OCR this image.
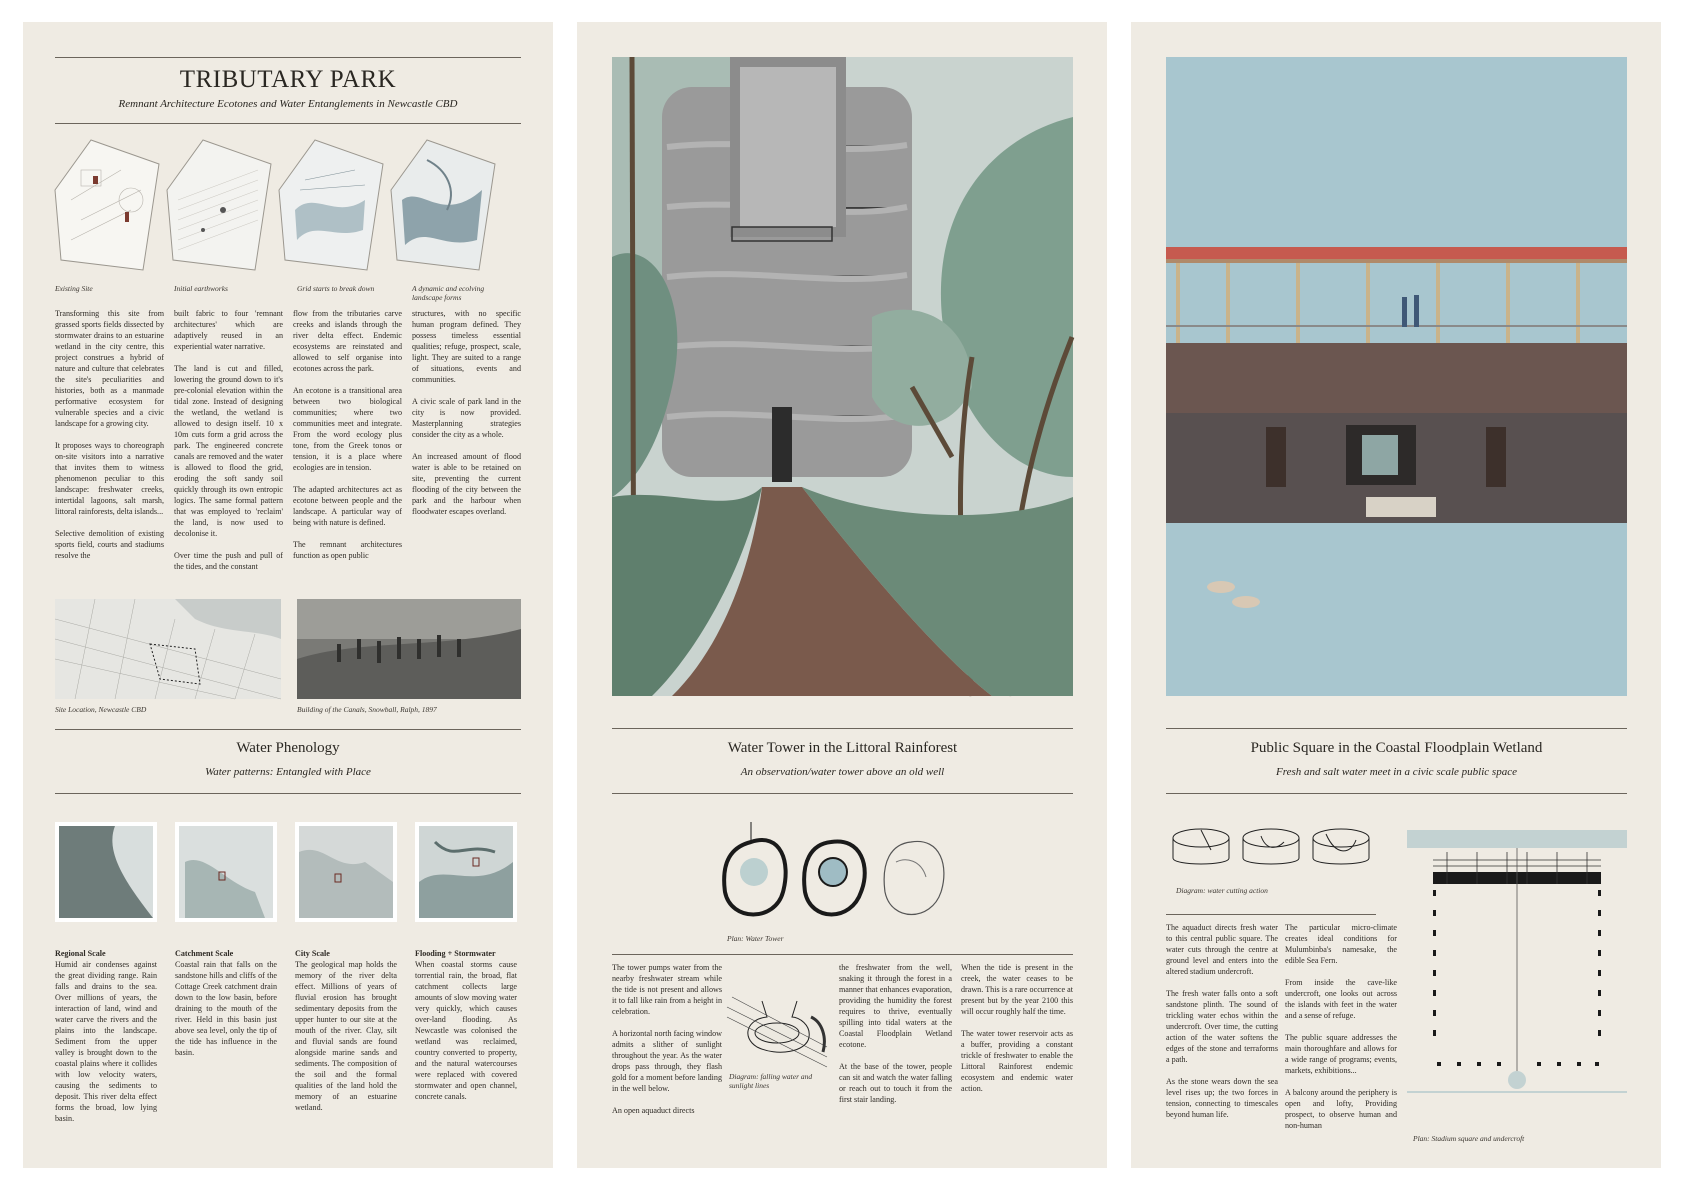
TRIBUTARY PARK
Remnant Architecture Ecotones and Water Entanglements in Newcastle CBD
Existing Site	Initial earthworks	Grid starts to break down	A dynamic and ecolving landscape forms
Transforming this site from grassed sports fields dissected by stormwater drains to an estuarine wetland in the city centre, this project construes a hybrid of nature and culture that celebrates the site's peculiarities and histories, both as a manmade performative ecosystem for vulnerable species and a civic landscape for a growing city.

It proposes ways to choreograph on-site visitors into a narrative that invites them to witness phenomenon peculiar to this landscape: freshwater creeks, intertidal lagoons, salt marsh, littoral rainforests, delta islands...

Selective demolition of existing sports field, courts and stadiums resolve the
built fabric to four 'remnant architectures' which are adaptively reused in an experiential water narrative.

The land is cut and filled, lowering the ground down to it's pre-colonial elevation within the tidal zone. Instead of designing the wetland, the wetland is allowed to design itself. 10 x 10m cuts form a grid across the park. The engineered concrete canals are removed and the water is allowed to flood the grid, eroding the soft sandy soil quickly through its own entropic logics. The same formal pattern that was employed to 'reclaim' the land, is now used to decolonise it.

Over time the push and pull of the tides, and the constant
flow from the tributaries carve creeks and islands through the river delta effect. Endemic ecosystems are reinstated and allowed to self organise into ecotones across the park.

An ecotone is a transitional area between two biological communities; where two communities meet and integrate. From the word ecology plus tone, from the Greek tonos or tension, it is a place where ecologies are in tension.

The adapted architectures act as ecotone between people and the landscape. A particular way of being with nature is defined.

The remnant architectures function as open public
structures, with no specific human program defined. They possess timeless essential qualities; refuge, prospect, scale, light. They are suited to a range of situations, events and communities.

A civic scale of park land in the city is now provided. Masterplanning strategies consider the city as a whole.

An increased amount of flood water is able to be retained on site, preventing the current flooding of the city between the park and the harbour when floodwater escapes overland.
Site Location, Newcastle CBD	Building of the Canals, Snowball, Ralph, 1897
Water Phenology
Water patterns: Entangled with Place
Regional Scale
Humid air condenses against the great dividing range. Rain falls and drains to the sea. Over millions of years, the interaction of land, wind and water carve the rivers and the plains into the landscape. Sediment from the upper valley is brought down to the coastal plains where it collides with low velocity waters, causing the sediments to deposit. This river delta effect forms the broad, low lying basin.
Catchment Scale
Coastal rain that falls on the sandstone hills and cliffs of the Cottage Creek catchment drain down to the low basin, before draining to the mouth of the river. Held in this basin just above sea level, only the tip of the tide has influence in the basin.
City Scale
The geological map holds the memory of the river delta effect. Millions of years of fluvial erosion has brought sedimentary deposits from the upper hunter to our site at the mouth of the river. Clay, silt and fluvial sands are found alongside marine sands and sediments. The composition of the soil and the formal qualities of the land hold the memory of an estuarine wetland.
Flooding + Stormwater
When coastal storms cause torrential rain, the broad, flat catchment collects large amounts of slow moving water very quickly, which causes over-land flooding. As Newcastle was colonised the wetland was reclaimed, country converted to property, and the natural watercourses were replaced with covered stormwater and open channel, concrete canals.
Water Tower in the Littoral Rainforest
An observation/water tower above an old well
Plan: Water Tower
The tower pumps water from the nearby freshwater stream while the tide is not present and allows it to fall like rain from a height in celebration.

A horizontal north facing window admits a slither of sunlight throughout the year. As the water drops pass through, they flash gold for a moment before landing in the well below.

An open aquaduct directs
Diagram: falling water and sunlight lines
the freshwater from the well, snaking it through the forest in a manner that enhances evaporation, providing the humidity the forest requires to thrive, eventually spilling into tidal waters at the Coastal Floodplain Wetland ecotone.

At the base of the tower, people can sit and watch the water falling or reach out to touch it from the first stair landing.
When the tide is present in the creek, the water ceases to be drawn. This is a rare occurrence at present but by the year 2100 this will occur roughly half the time.

The water tower reservoir acts as a buffer, providing a constant trickle of freshwater to enable the Littoral Rainforest endemic ecosystem and endemic water action.
Public Square in the Coastal Floodplain Wetland
Fresh and salt water meet in a civic scale public space
Diagram: water cutting action
The aquaduct directs fresh water to this central public square. The water cuts through the centre at ground level and enters into the altered stadium undercroft.

The fresh water falls onto a soft sandstone plinth. The sound of trickling water echos within the undercroft. Over time, the cutting action of the water softens the edges of the stone and terraforms a path.

As the stone wears down the sea level rises up; the two forces in tension, connecting to timescales beyond human life.
The particular micro-climate creates ideal conditions for Mulumbinba's namesake, the edible Sea Fern.

From inside the cave-like undercroft, one looks out across the islands with feet in the water and a sense of refuge.

The public square addresses the main thoroughfare and allows for a wide range of programs; events, markets, exhibitions...

A balcony around the periphery is open and lofty, Providing prospect, to observe human and non-human
Plan: Stadium square and undercroft
